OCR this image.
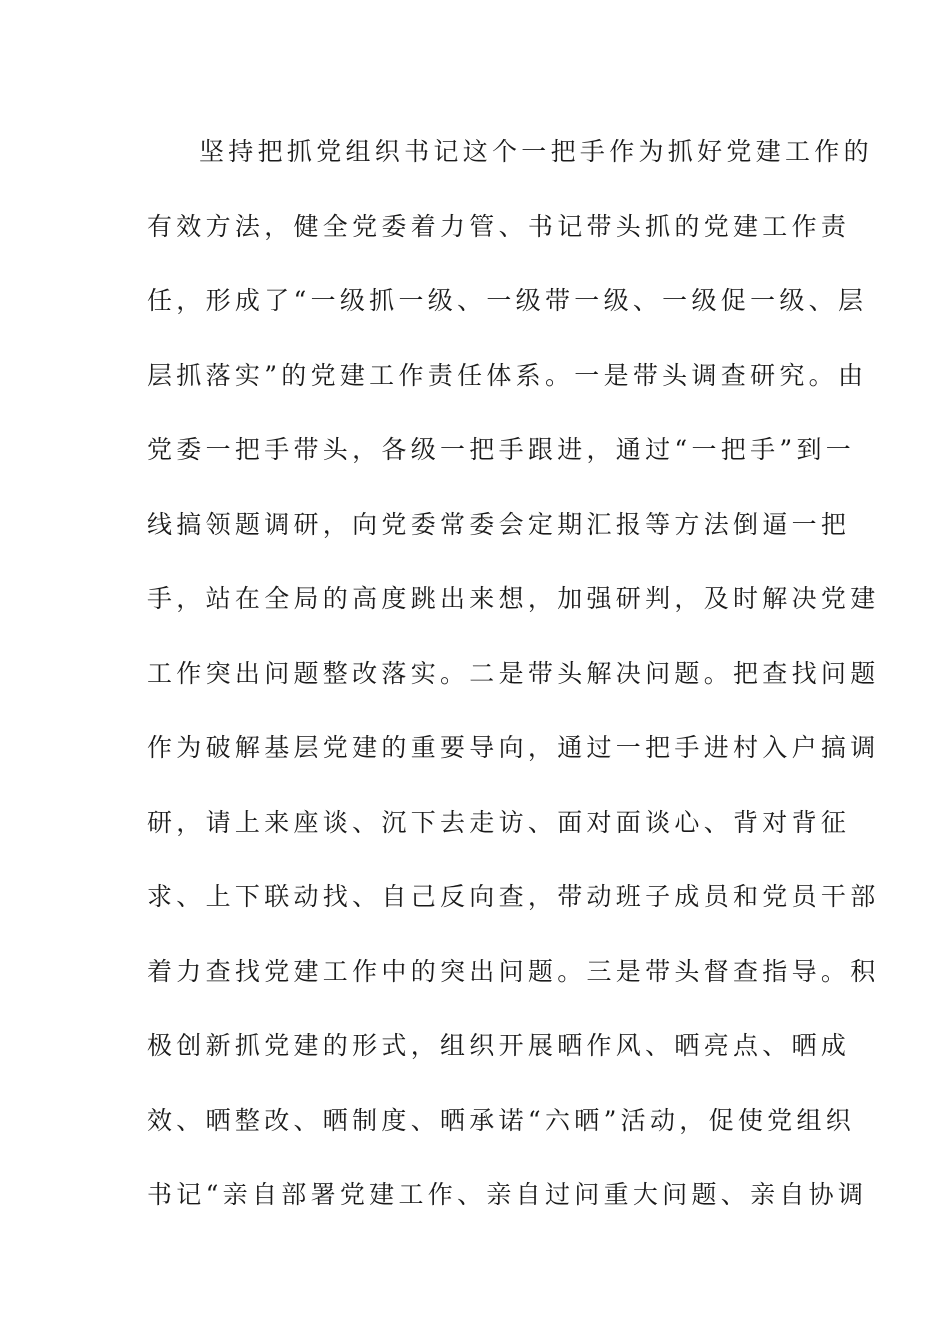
坚持把抓党组织书记这个一把手作为抓好党建工作的
有效方法，健全党委着力管、书记带头抓的党建工作责
任，形成了“一级抓一级、一级带一级、一级促一级、层
层抓落实”的党建工作责任体系。一是带头调查研究。由
党委一把手带头，各级一把手跟进，通过“一把手”到一
线搞领题调研，向党委常委会定期汇报等方法倒逼一把
手，站在全局的高度跳出来想，加强研判，及时解决党建
工作突出问题整改落实。二是带头解决问题。把查找问题
作为破解基层党建的重要导向，通过一把手进村入户搞调
研，请上来座谈、沉下去走访、面对面谈心、背对背征
求、上下联动找、自己反向查，带动班子成员和党员干部
着力查找党建工作中的突出问题。三是带头督查指导。积
极创新抓党建的形式，组织开展晒作风、晒亮点、晒成
效、晒整改、晒制度、晒承诺“六晒”活动，促使党组织
书记“亲自部署党建工作、亲自过问重大问题、亲自协调
